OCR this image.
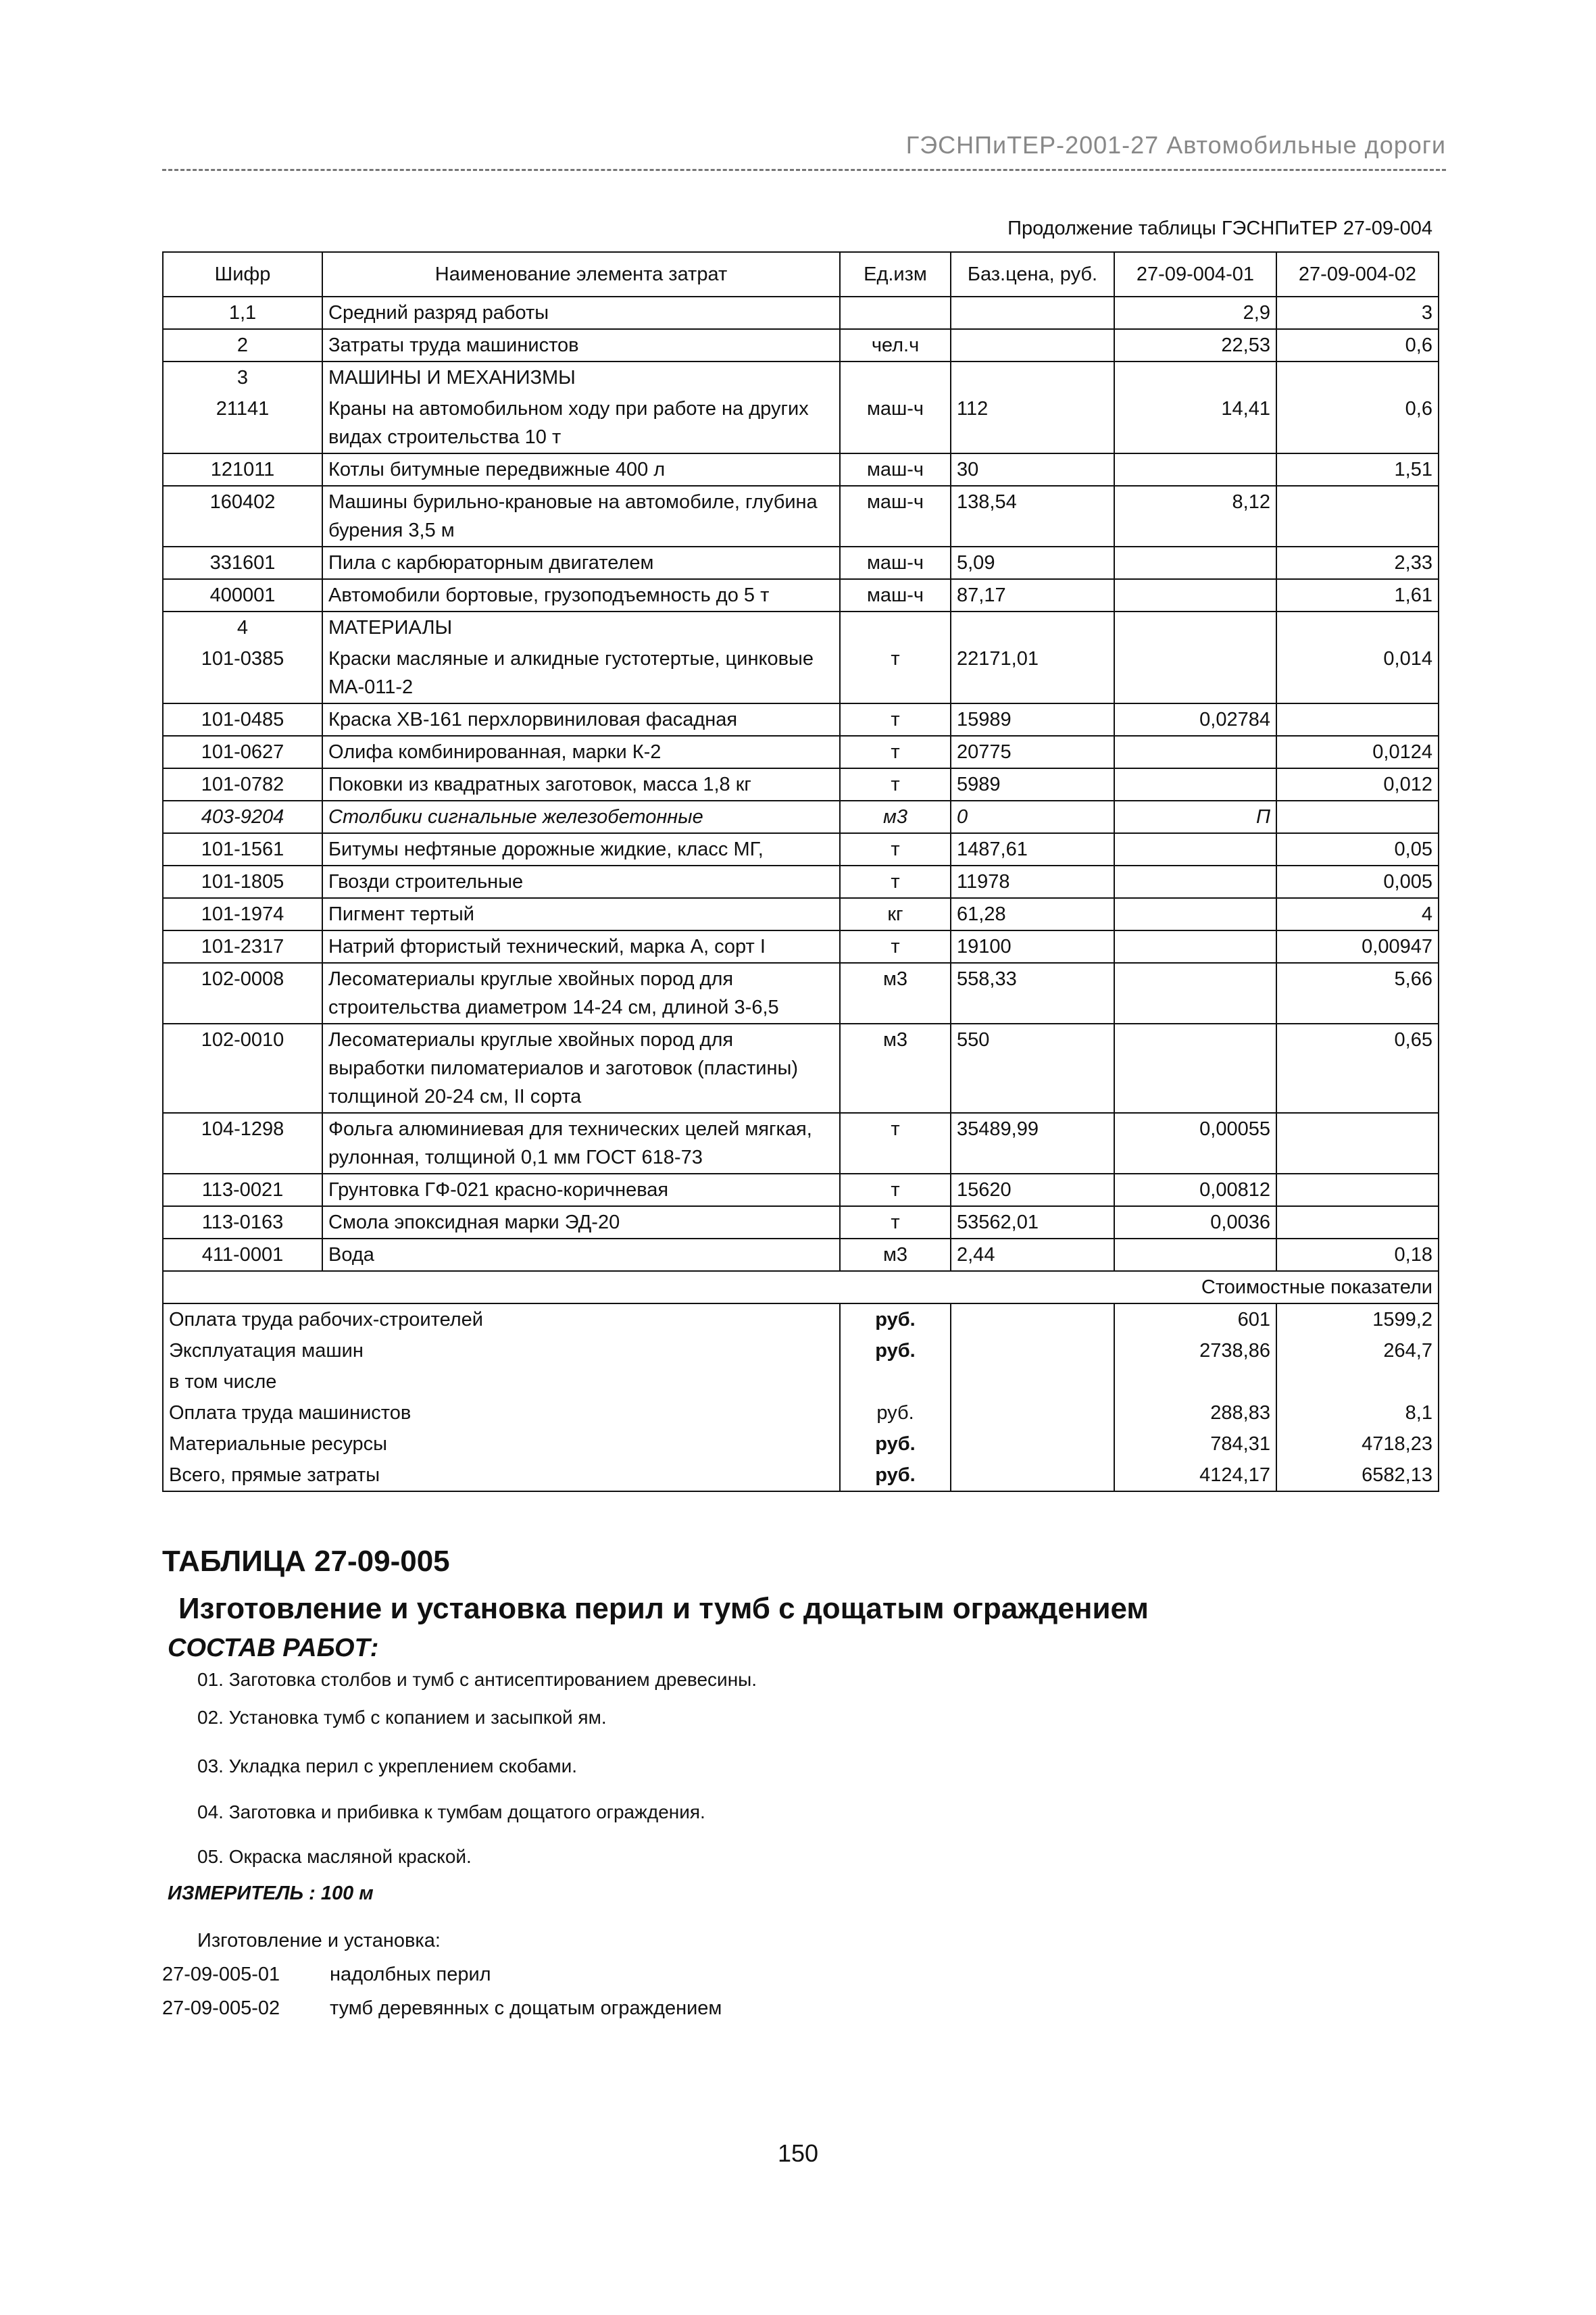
ГЭСНПиТЕР-2001-27 Автомобильные дороги
Продолжение таблицы ГЭСНПиТЕР 27-09-004
Шифр	Наименование элемента затрат	Ед.изм	Баз.цена, руб.	27-09-004-01	27-09-004-02
1,1	Средний разряд работы			2,9	3
2	Затраты труда машинистов	чел.ч		22,53	0,6
3	МАШИНЫ И МЕХАНИЗМЫ				
21141	Краны на автомобильном ходу при работе на других видах строительства 10 т	маш-ч	112	14,41	0,6
121011	Котлы битумные передвижные 400 л	маш-ч	30		1,51
160402	Машины бурильно-крановые на автомобиле, глубина бурения 3,5 м	маш-ч	138,54	8,12	
331601	Пила с карбюраторным двигателем	маш-ч	5,09		2,33
400001	Автомобили бортовые, грузоподъемность до 5 т	маш-ч	87,17		1,61
4	МАТЕРИАЛЫ				
101-0385	Краски масляные и алкидные густотертые, цинковые МА-011-2	т	22171,01		0,014
101-0485	Краска ХВ-161 перхлорвиниловая фасадная	т	15989	0,02784	
101-0627	Олифа комбинированная, марки К-2	т	20775		0,0124
101-0782	Поковки из квадратных заготовок, масса 1,8 кг	т	5989		0,012
403-9204	Столбики сигнальные железобетонные	м3	0	П	
101-1561	Битумы нефтяные дорожные жидкие, класс МГ,	т	1487,61		0,05
101-1805	Гвозди строительные	т	11978		0,005
101-1974	Пигмент тертый	кг	61,28		4
101-2317	Натрий фтористый технический, марка А, сорт I	т	19100		0,00947
102-0008	Лесоматериалы круглые хвойных пород для строительства диаметром 14-24 см, длиной 3-6,5	м3	558,33		5,66
102-0010	Лесоматериалы круглые хвойных пород для выработки пиломатериалов и заготовок (пластины) толщиной 20-24 см, II сорта	м3	550		0,65
104-1298	Фольга алюминиевая для технических целей мягкая, рулонная, толщиной 0,1 мм ГОСТ 618-73	т	35489,99	0,00055	
113-0021	Грунтовка ГФ-021 красно-коричневая	т	15620	0,00812	
113-0163	Смола эпоксидная марки ЭД-20	т	53562,01	0,0036	
411-0001	Вода	м3	2,44		0,18
Стоимостные показатели					
Оплата труда рабочих-строителей		руб.		601	1599,2
Эксплуатация машин		руб.		2738,86	264,7
в том числе					
Оплата труда машинистов		руб.		288,83	8,1
Материальные ресурсы		руб.		784,31	4718,23
Всего, прямые затраты		руб.		4124,17	6582,13
ТАБЛИЦА 27-09-005
Изготовление и установка перил и тумб с дощатым ограждением
СОСТАВ РАБОТ:
01. Заготовка столбов и тумб с антисептированием древесины.
02. Установка тумб с копанием и засыпкой ям.
03. Укладка перил с укреплением скобами.
04. Заготовка и прибивка к тумбам дощатого ограждения.
05. Окраска масляной краской.
ИЗМЕРИТЕЛЬ : 100 м
Изготовление и установка:
27-09-005-01	надолбных перил
27-09-005-02	тумб деревянных с дощатым ограждением
150
